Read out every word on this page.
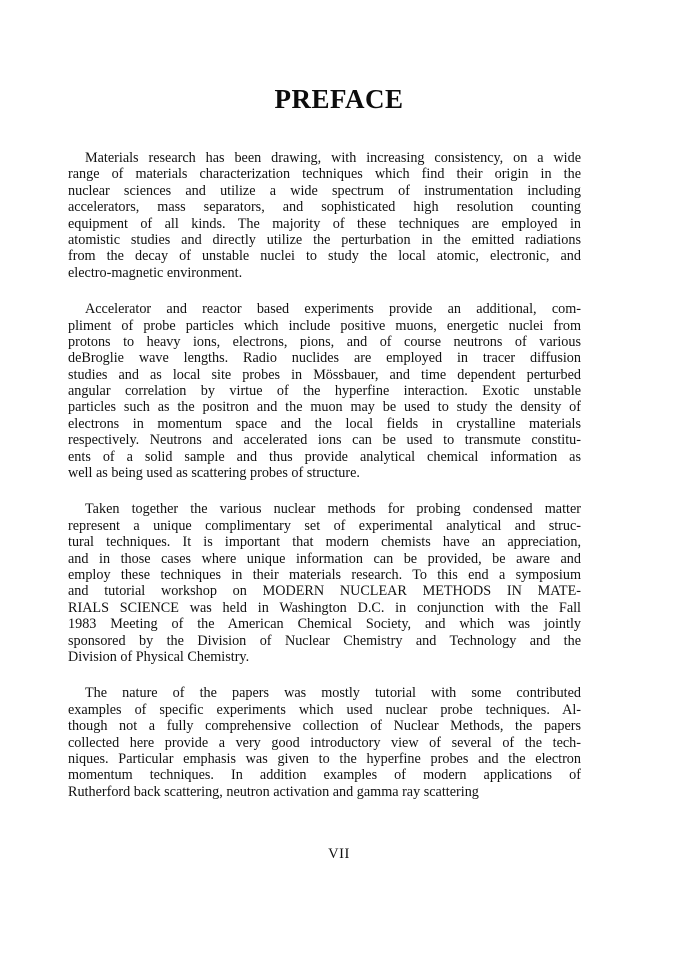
PREFACE
Materials research has been drawing, with increasing consistency, on a wide
range of materials characterization techniques which find their origin in the
nuclear sciences and utilize a wide spectrum of instrumentation including
accelerators, mass separators, and sophisticated high resolution counting
equipment of all kinds. The majority of these techniques are employed in
atomistic studies and directly utilize the perturbation in the emitted radiations
from the decay of unstable nuclei to study the local atomic, electronic, and
electro-magnetic environment.
Accelerator and reactor based experiments provide an additional, com-
pliment of probe particles which include positive muons, energetic nuclei from
protons to heavy ions, electrons, pions, and of course neutrons of various
deBroglie wave lengths. Radio nuclides are employed in tracer diffusion
studies and as local site probes in Mössbauer, and time dependent perturbed
angular correlation by virtue of the hyperfine interaction. Exotic unstable
particles such as the positron and the muon may be used to study the density of
electrons in momentum space and the local fields in crystalline materials
respectively. Neutrons and accelerated ions can be used to transmute constitu-
ents of a solid sample and thus provide analytical chemical information as
well as being used as scattering probes of structure.
Taken together the various nuclear methods for probing condensed matter
represent a unique complimentary set of experimental analytical and struc-
tural techniques. It is important that modern chemists have an appreciation,
and in those cases where unique information can be provided, be aware and
employ these techniques in their materials research. To this end a symposium
and tutorial workshop on MODERN NUCLEAR METHODS IN MATE-
RIALS SCIENCE was held in Washington D.C. in conjunction with the Fall
1983 Meeting of the American Chemical Society, and which was jointly
sponsored by the Division of Nuclear Chemistry and Technology and the
Division of Physical Chemistry.
The nature of the papers was mostly tutorial with some contributed
examples of specific experiments which used nuclear probe techniques. Al-
though not a fully comprehensive collection of Nuclear Methods, the papers
collected here provide a very good introductory view of several of the tech-
niques. Particular emphasis was given to the hyperfine probes and the electron
momentum techniques. In addition examples of modern applications of
Rutherford back scattering, neutron activation and gamma ray scattering
VII
